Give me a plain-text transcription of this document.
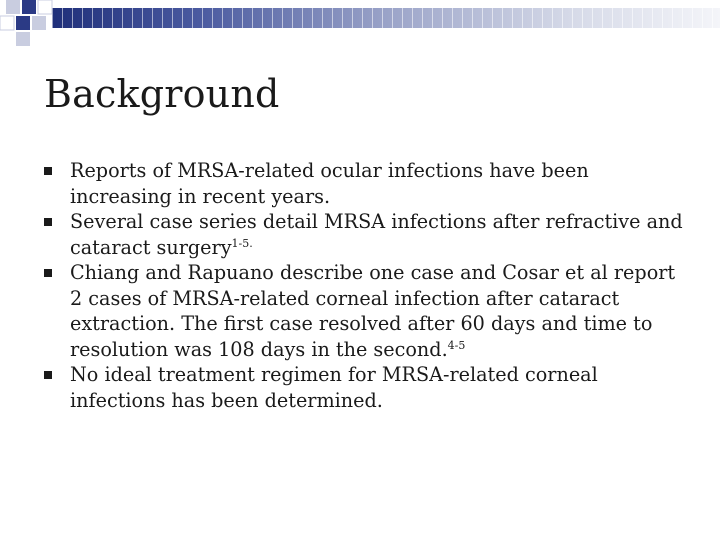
Background
Reports of MRSA-related ocular infections have been increasing in recent years.
Several case series detail MRSA infections after refractive and cataract surgery$^{1-5.}$
Chiang and Rapuano describe one case and Cosar et al report 2 cases of MRSA-related corneal infection after cataract extraction. The first case resolved after 60 days and time to resolution was 108 days in the second.$^{4-5}$
No ideal treatment regimen for MRSA-related corneal infections has been determined.
